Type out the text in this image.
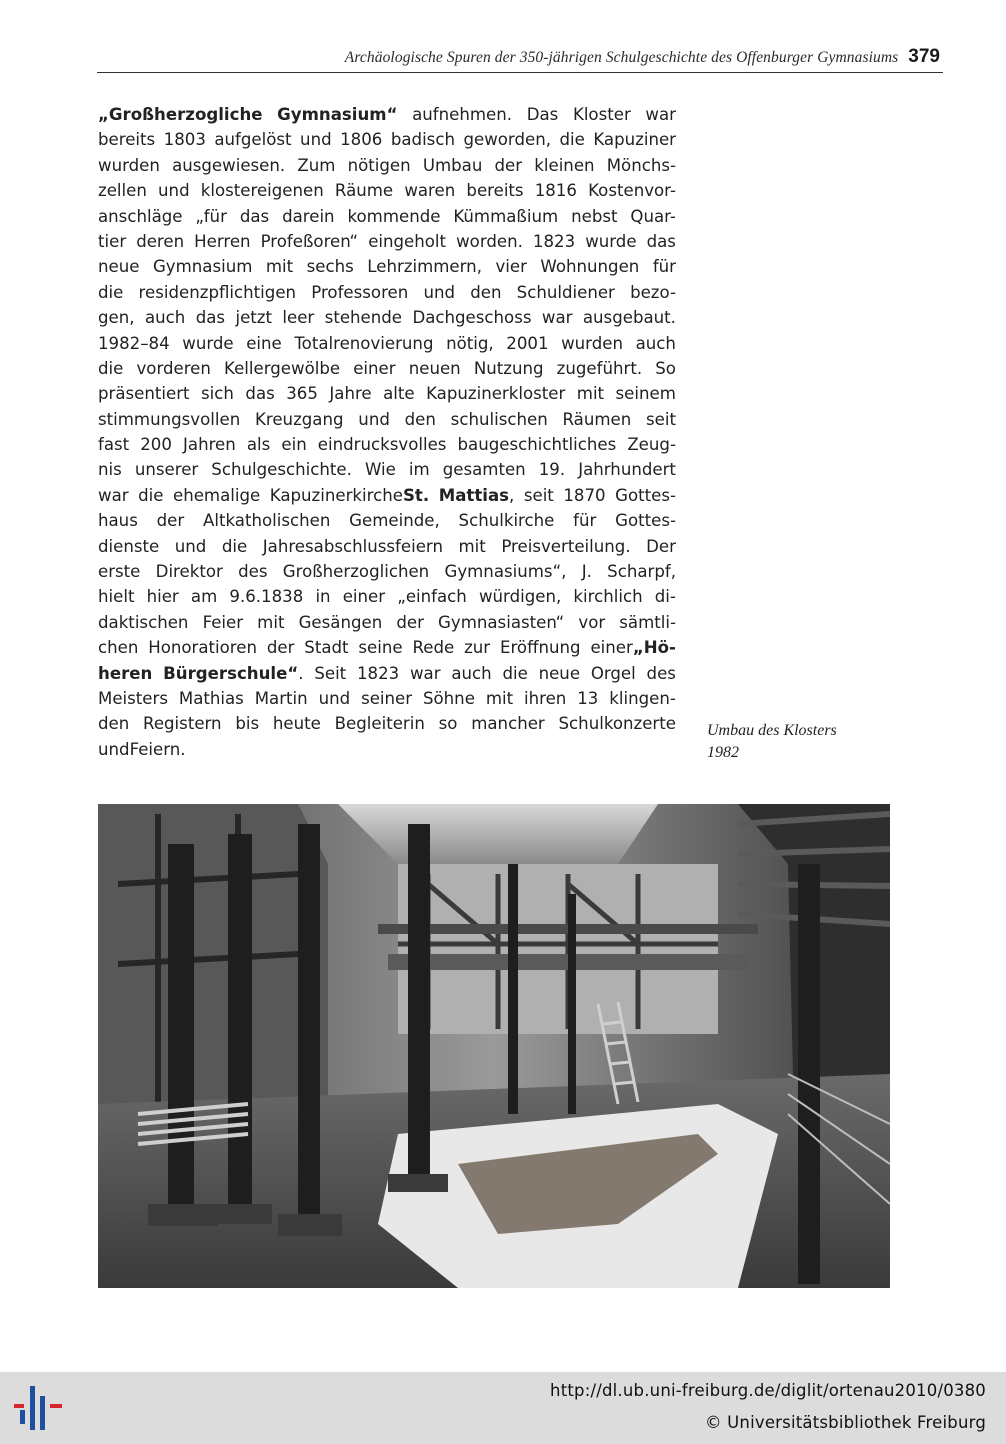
Archäologische Spuren der 350-jährigen Schulgeschichte des Offenburger Gymnasiums 379
„Großherzogliche Gymnasium“ aufnehmen. Das Kloster war
bereits 1803 aufgelöst und 1806 badisch geworden, die Kapuziner
wurden ausgewiesen. Zum nötigen Umbau der kleinen Mönchs-
zellen und klostereigenen Räume waren bereits 1816 Kostenvor-
anschläge „für das darein kommende Kümmaßium nebst Quar-
tier deren Herren Profeßoren“ eingeholt worden. 1823 wurde das
neue Gymnasium mit sechs Lehrzimmern, vier Wohnungen für
die residenzpflichtigen Professoren und den Schuldiener bezo-
gen, auch das jetzt leer stehende Dachgeschoss war ausgebaut.
1982–84 wurde eine Totalrenovierung nötig, 2001 wurden auch
die vorderen Kellergewölbe einer neuen Nutzung zugeführt. So
präsentiert sich das 365 Jahre alte Kapuzinerkloster mit seinem
stimmungsvollen Kreuzgang und den schulischen Räumen seit
fast 200 Jahren als ein eindrucksvolles baugeschichtliches Zeug-
nis unserer Schulgeschichte. Wie im gesamten 19. Jahrhundert
war die ehemalige KapuzinerkircheSt. Mattias, seit 1870 Gottes-
haus der Altkatholischen Gemeinde, Schulkirche für Gottes-
dienste und die Jahresabschlussfeiern mit Preisverteilung. Der
erste Direktor des Großherzoglichen Gymnasiums“, J. Scharpf,
hielt hier am 9.6.1838 in einer „einfach würdigen, kirchlich di-
daktischen Feier mit Gesängen der Gymnasiasten“ vor sämtli-
chen Honoratioren der Stadt seine Rede zur Eröffnung einer„Hö-
heren Bürgerschule“. Seit 1823 war auch die neue Orgel des
Meisters Mathias Martin und seiner Söhne mit ihren 13 klingen-
den Registern bis heute Begleiterin so mancher Schulkonzerte
und Feiern.
Umbau des Klosters
1982
http://dl.ub.uni-freiburg.de/diglit/ortenau2010/0380
© Universitätsbibliothek Freiburg
